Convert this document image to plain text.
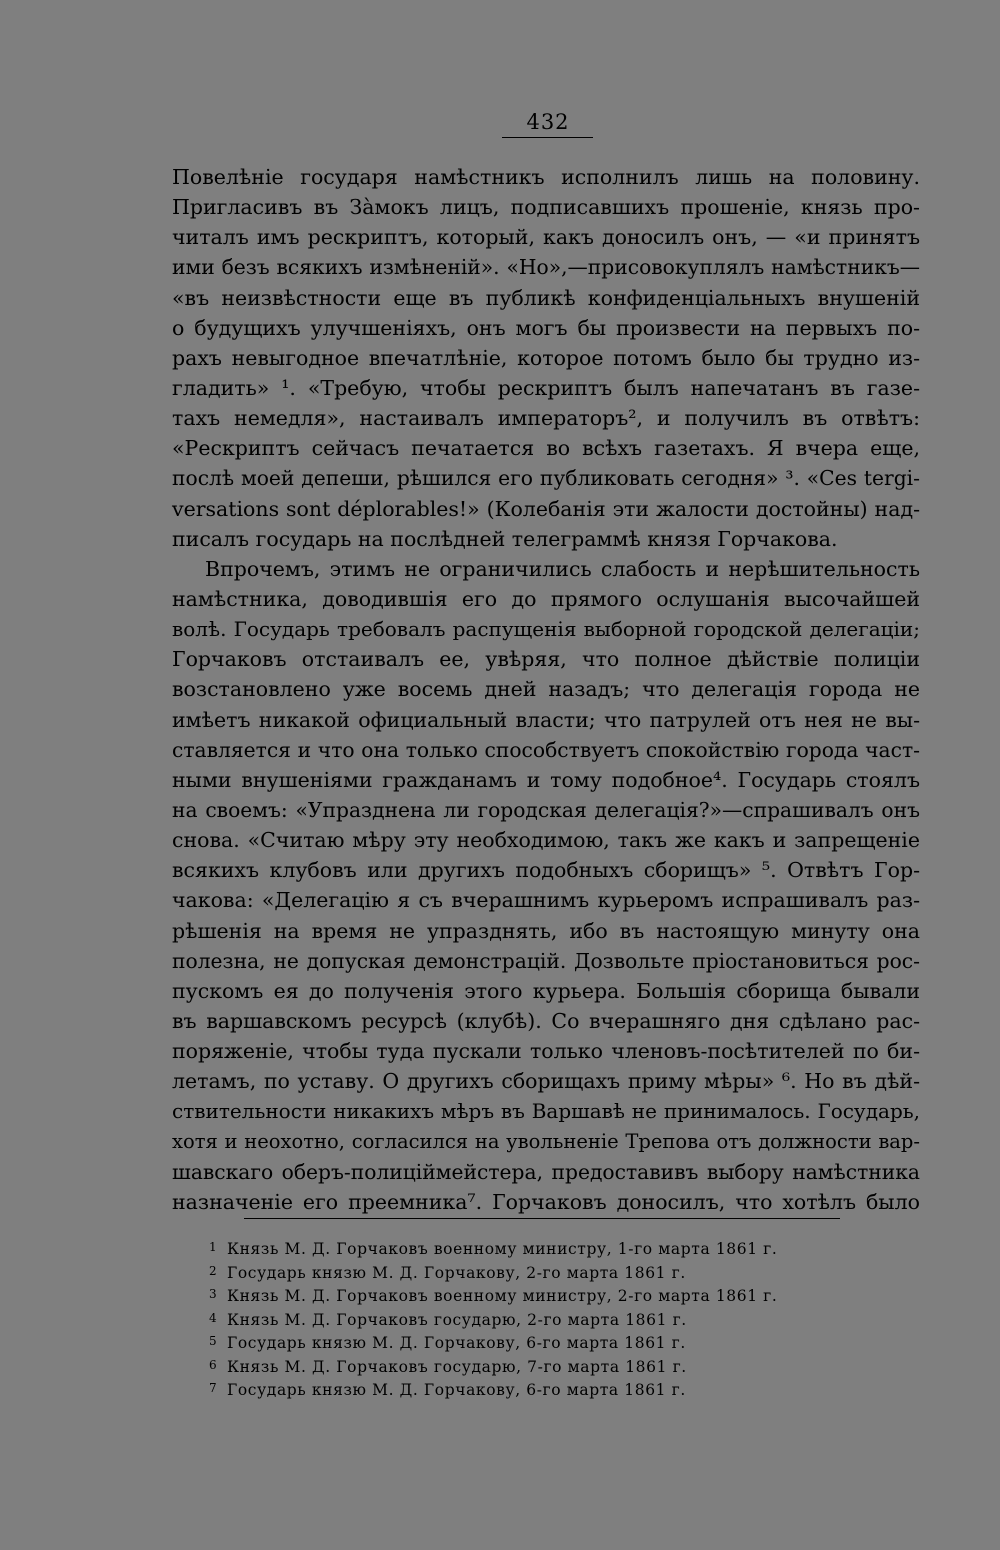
432
Повелѣніе государя намѣстникъ исполнилъ лишь на половину.
Пригласивъ въ Зàмокъ лицъ, подписавшихъ прошеніе, князь про-
читалъ имъ рескриптъ, который, какъ доносилъ онъ, — «и принятъ
ими безъ всякихъ измѣненій». «Но»,—присовокуплялъ намѣстникъ—
«въ неизвѣстности еще въ публикѣ конфиденціальныхъ внушеній
о будущихъ улучшеніяхъ, онъ могъ бы произвести на первыхъ по-
рахъ невыгодное впечатлѣніе, которое потомъ было бы трудно из-
гладить» ¹. «Требую, чтобы рескриптъ былъ напечатанъ въ газе-
тахъ немедля», настаивалъ императоръ², и получилъ въ отвѣтъ:
«Рескриптъ сейчасъ печатается во всѣхъ газетахъ. Я вчера еще,
послѣ моей депеши, рѣшился его публиковать сегодня» ³. «Ces tergi-
versations sont déplorables!» (Колебанія эти жалости достойны) над-
писалъ государь на послѣдней телеграммѣ князя Горчакова.
Впрочемъ, этимъ не ограничились слабость и нерѣшительность
намѣстника, доводившія его до прямого ослушанія высочайшей
волѣ. Государь требовалъ распущенія выборной городской делегаціи;
Горчаковъ отстаивалъ ее, увѣряя, что полное дѣйствіе полиціи
возстановлено уже восемь дней назадъ; что делегація города не
имѣетъ никакой официальный власти; что патрулей отъ нея не вы-
ставляется и что она только способствуетъ спокойствію города част-
ными внушеніями гражданамъ и тому подобное⁴. Государь стоялъ
на своемъ: «Упразднена ли городская делегація?»—спрашивалъ онъ
снова. «Считаю мѣру эту необходимою, такъ же какъ и запрещеніе
всякихъ клубовъ или другихъ подобныхъ сборищъ» ⁵. Отвѣтъ Гор-
чакова: «Делегацію я съ вчерашнимъ курьеромъ испрашивалъ раз-
рѣшенія на время не упразднять, ибо въ настоящую минуту она
полезна, не допуская демонстрацій. Дозвольте пріостановиться рос-
пускомъ ея до полученія этого курьера. Большія сборища бывали
въ варшавскомъ ресурсѣ (клубѣ). Со вчерашняго дня сдѣлано рас-
поряженіе, чтобы туда пускали только членовъ-посѣтителей по би-
летамъ, по уставу. О другихъ сборищахъ приму мѣры» ⁶. Но въ дѣй-
ствительности никакихъ мѣръ въ Варшавѣ не принималось. Государь,
хотя и неохотно, согласился на увольненіе Трепова отъ должности вар-
шавскаго оберъ-полицiймейстера, предоставивъ выбору намѣстника
назначеніе его преемника⁷. Горчаковъ доносилъ, что хотѣлъ было
1 Князь М. Д. Горчаковъ военному министру, 1-го марта 1861 г.
2 Государь князю М. Д. Горчакову, 2-го марта 1861 г.
3 Князь М. Д. Горчаковъ военному министру, 2-го марта 1861 г.
4 Князь М. Д. Горчаковъ государю, 2-го марта 1861 г.
5 Государь князю М. Д. Горчакову, 6-го марта 1861 г.
6 Князь М. Д. Горчаковъ государю, 7-го марта 1861 г.
7 Государь князю М. Д. Горчакову, 6-го марта 1861 г.
